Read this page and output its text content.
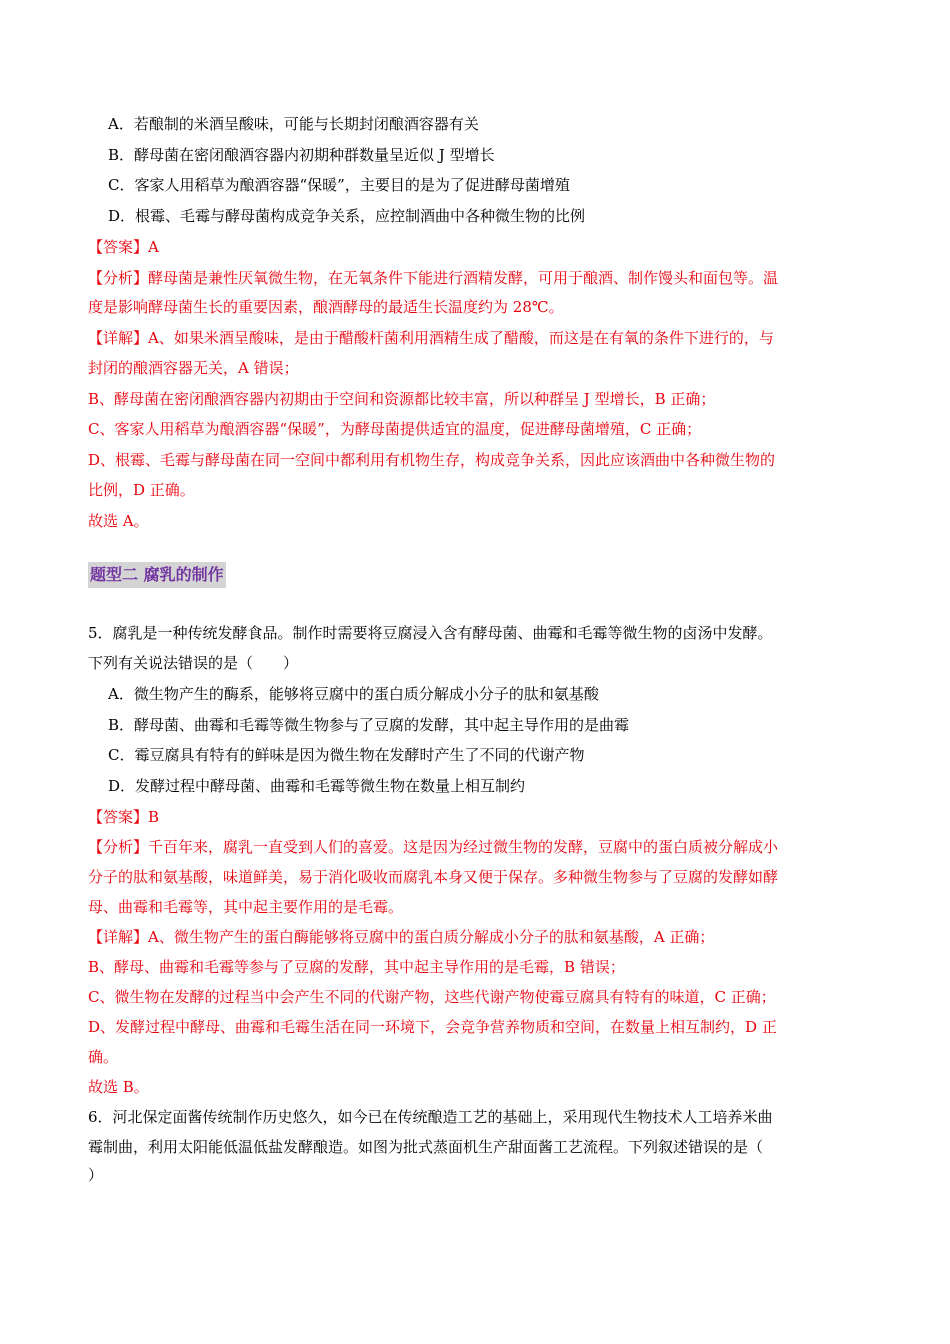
A．若酿制的米酒呈酸味，可能与长期封闭酿酒容器有关
B．酵母菌在密闭酿酒容器内初期种群数量呈近似 J 型增长
C．客家人用稻草为酿酒容器“保暖”，主要目的是为了促进酵母菌增殖
D．根霉、毛霉与酵母菌构成竞争关系，应控制酒曲中各种微生物的比例
【答案】A
【分析】酵母菌是兼性厌氧微生物，在无氧条件下能进行酒精发酵，可用于酿酒、制作馒头和面包等。温
度是影响酵母菌生长的重要因素，酿酒酵母的最适生长温度约为 28℃。
【详解】A、如果米酒呈酸味，是由于醋酸杆菌利用酒精生成了醋酸，而这是在有氧的条件下进行的，与
封闭的酿酒容器无关，A 错误；
B、酵母菌在密闭酿酒容器内初期由于空间和资源都比较丰富，所以种群呈 J 型增长，B 正确；
C、客家人用稻草为酿酒容器“保暖”，为酵母菌提供适宜的温度，促进酵母菌增殖，C 正确；
D、根霉、毛霉与酵母菌在同一空间中都利用有机物生存，构成竞争关系，因此应该酒曲中各种微生物的
比例，D 正确。
故选 A。
题型二 腐乳的制作
5．腐乳是一种传统发酵食品。制作时需要将豆腐浸入含有酵母菌、曲霉和毛霉等微生物的卤汤中发酵。
下列有关说法错误的是（　　）
A．微生物产生的酶系，能够将豆腐中的蛋白质分解成小分子的肽和氨基酸
B．酵母菌、曲霉和毛霉等微生物参与了豆腐的发酵，其中起主导作用的是曲霉
C．霉豆腐具有特有的鲜味是因为微生物在发酵时产生了不同的代谢产物
D．发酵过程中酵母菌、曲霉和毛霉等微生物在数量上相互制约
【答案】B
【分析】千百年来，腐乳一直受到人们的喜爱。这是因为经过微生物的发酵，豆腐中的蛋白质被分解成小
分子的肽和氨基酸，味道鲜美，易于消化吸收而腐乳本身又便于保存。多种微生物参与了豆腐的发酵如酵
母、曲霉和毛霉等，其中起主要作用的是毛霉。
【详解】A、微生物产生的蛋白酶能够将豆腐中的蛋白质分解成小分子的肽和氨基酸，A 正确；
B、酵母、曲霉和毛霉等参与了豆腐的发酵，其中起主导作用的是毛霉，B 错误；
C、微生物在发酵的过程当中会产生不同的代谢产物，这些代谢产物使霉豆腐具有特有的味道，C 正确；
D、发酵过程中酵母、曲霉和毛霉生活在同一环境下，会竞争营养物质和空间，在数量上相互制约，D 正
确。
故选 B。
6．河北保定面酱传统制作历史悠久，如今已在传统酿造工艺的基础上，采用现代生物技术人工培养米曲
霉制曲，利用太阳能低温低盐发酵酿造。如图为批式蒸面机生产甜面酱工艺流程。下列叙述错误的是（
）
